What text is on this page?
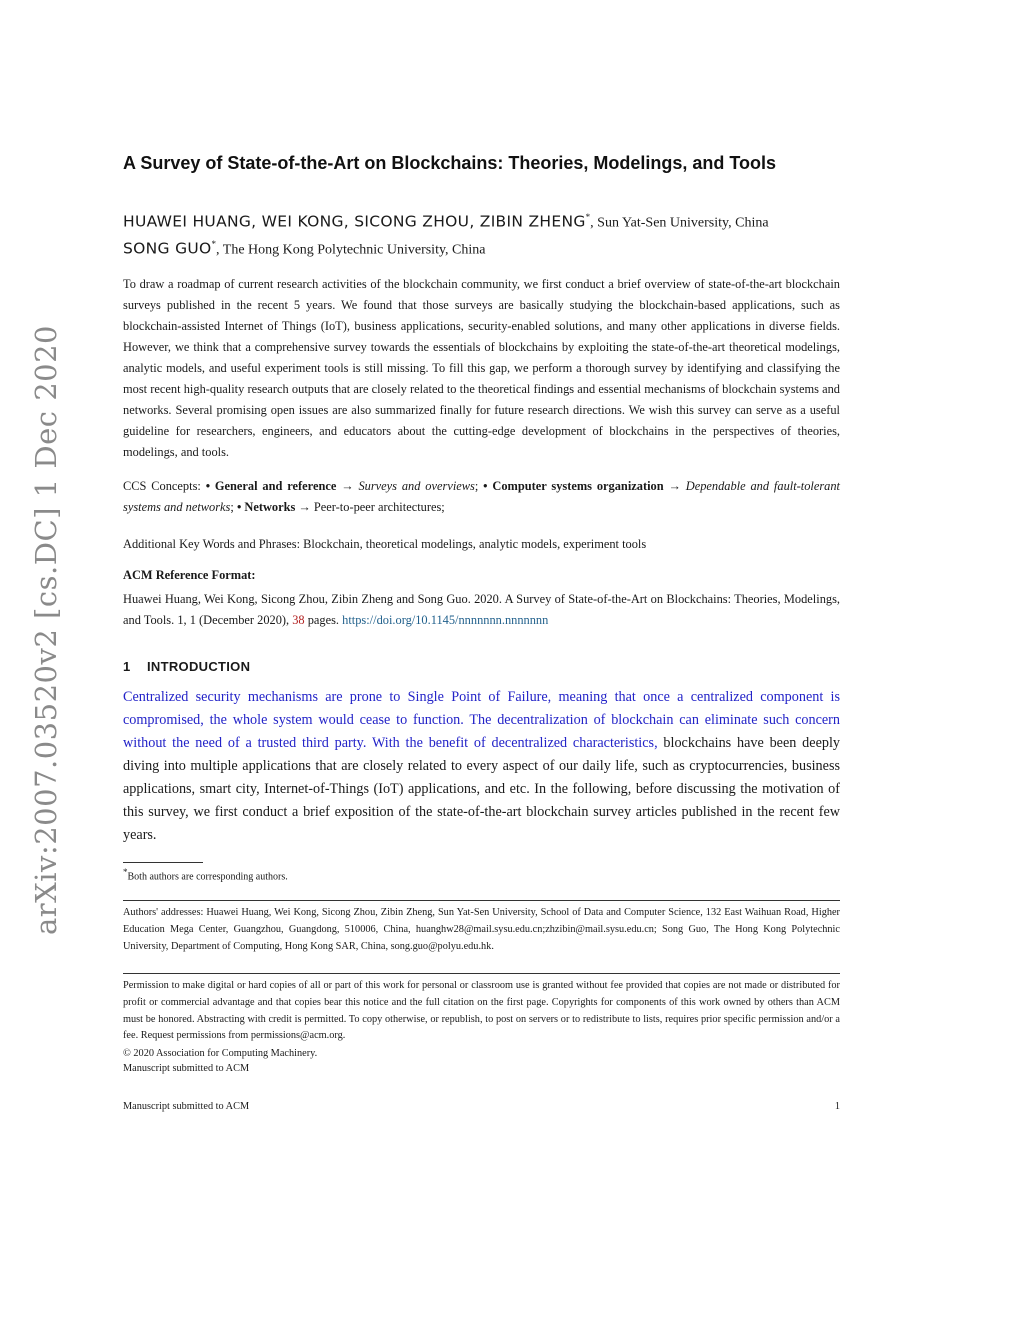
arXiv:2007.03520v2 [cs.DC] 1 Dec 2020
A Survey of State-of-the-Art on Blockchains: Theories, Modelings, and Tools
HUAWEI HUANG, WEI KONG, SICONG ZHOU, ZIBIN ZHENG*, Sun Yat-Sen University, China
SONG GUO*, The Hong Kong Polytechnic University, China
To draw a roadmap of current research activities of the blockchain community, we first conduct a brief overview of state-of-the-art blockchain surveys published in the recent 5 years. We found that those surveys are basically studying the blockchain-based applications, such as blockchain-assisted Internet of Things (IoT), business applications, security-enabled solutions, and many other applications in diverse fields. However, we think that a comprehensive survey towards the essentials of blockchains by exploiting the state-of-the-art theoretical modelings, analytic models, and useful experiment tools is still missing. To fill this gap, we perform a thorough survey by identifying and classifying the most recent high-quality research outputs that are closely related to the theoretical findings and essential mechanisms of blockchain systems and networks. Several promising open issues are also summarized finally for future research directions. We wish this survey can serve as a useful guideline for researchers, engineers, and educators about the cutting-edge development of blockchains in the perspectives of theories, modelings, and tools.
CCS Concepts: • General and reference → Surveys and overviews; • Computer systems organization → Dependable and fault-tolerant systems and networks; • Networks → Peer-to-peer architectures;
Additional Key Words and Phrases: Blockchain, theoretical modelings, analytic models, experiment tools
ACM Reference Format:
Huawei Huang, Wei Kong, Sicong Zhou, Zibin Zheng and Song Guo. 2020. A Survey of State-of-the-Art on Blockchains: Theories, Modelings, and Tools. 1, 1 (December 2020), 38 pages. https://doi.org/10.1145/nnnnnnn.nnnnnnn
1 INTRODUCTION
Centralized security mechanisms are prone to Single Point of Failure, meaning that once a centralized component is compromised, the whole system would cease to function. The decentralization of blockchain can eliminate such concern without the need of a trusted third party. With the benefit of decentralized characteristics, blockchains have been deeply diving into multiple applications that are closely related to every aspect of our daily life, such as cryptocurrencies, business applications, smart city, Internet-of-Things (IoT) applications, and etc. In the following, before discussing the motivation of this survey, we first conduct a brief exposition of the state-of-the-art blockchain survey articles published in the recent few years.
*Both authors are corresponding authors.
Authors' addresses: Huawei Huang, Wei Kong, Sicong Zhou, Zibin Zheng, Sun Yat-Sen University, School of Data and Computer Science, 132 East Waihuan Road, Higher Education Mega Center, Guangzhou, Guangdong, 510006, China, huanghw28@mail.sysu.edu.cn;zhzibin@mail.sysu.edu.cn; Song Guo, The Hong Kong Polytechnic University, Department of Computing, Hong Kong SAR, China, song.guo@polyu.edu.hk.
Permission to make digital or hard copies of all or part of this work for personal or classroom use is granted without fee provided that copies are not made or distributed for profit or commercial advantage and that copies bear this notice and the full citation on the first page. Copyrights for components of this work owned by others than ACM must be honored. Abstracting with credit is permitted. To copy otherwise, or republish, to post on servers or to redistribute to lists, requires prior specific permission and/or a fee. Request permissions from permissions@acm.org.
© 2020 Association for Computing Machinery.
Manuscript submitted to ACM
Manuscript submitted to ACM	1
